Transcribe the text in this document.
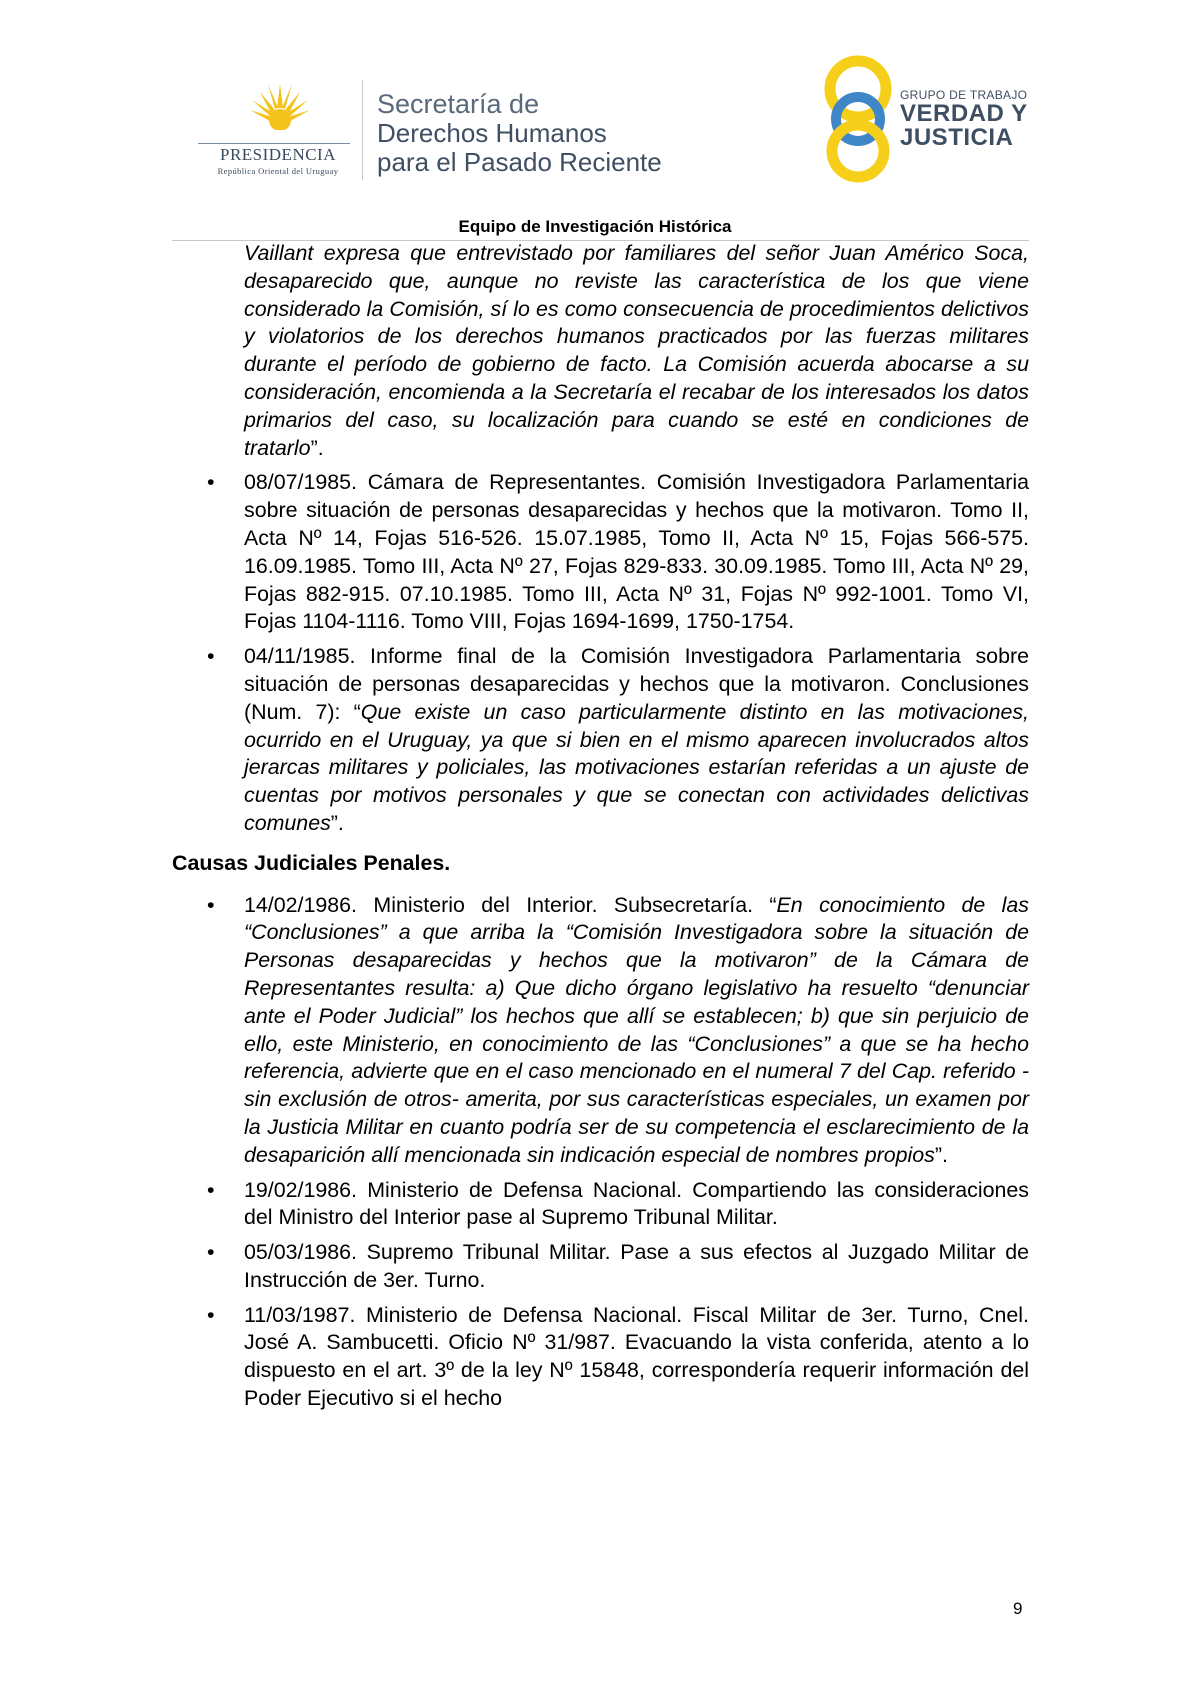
PRESIDENCIA
República Oriental del Uruguay
Secretaría de
Derechos Humanos
para el Pasado Reciente
GRUPO DE TRABAJO
VERDAD Y
JUSTICIA
Equipo de Investigación Histórica
Vaillant expresa que entrevistado por familiares del señor Juan Américo Soca, desaparecido que, aunque no reviste las característica de los que viene considerado la Comisión, sí lo es como consecuencia de procedimientos delictivos y violatorios de los derechos humanos practicados por las fuerzas militares durante el período de gobierno de facto. La Comisión acuerda abocarse a su consideración, encomienda a la Secretaría el recabar de los interesados los datos primarios del caso, su localización para cuando se esté en condiciones de tratarlo”.
• 08/07/1985. Cámara de Representantes. Comisión Investigadora Parlamentaria sobre situación de personas desaparecidas y hechos que la motivaron. Tomo II, Acta Nº 14, Fojas 516-526. 15.07.1985, Tomo II, Acta Nº 15, Fojas 566-575. 16.09.1985. Tomo III, Acta Nº 27, Fojas 829-833. 30.09.1985. Tomo III, Acta Nº 29, Fojas 882-915. 07.10.1985. Tomo III, Acta Nº 31, Fojas Nº 992-1001. Tomo VI, Fojas 1104-1116. Tomo VIII, Fojas 1694-1699, 1750-1754.
• 04/11/1985. Informe final de la Comisión Investigadora Parlamentaria sobre situación de personas desaparecidas y hechos que la motivaron. Conclusiones (Num. 7): “Que existe un caso particularmente distinto en las motivaciones, ocurrido en el Uruguay, ya que si bien en el mismo aparecen involucrados altos jerarcas militares y policiales, las motivaciones estarían referidas a un ajuste de cuentas por motivos personales y que se conectan con actividades delictivas comunes”.
Causas Judiciales Penales.
• 14/02/1986. Ministerio del Interior. Subsecretaría. “En conocimiento de las “Conclusiones” a que arriba la “Comisión Investigadora sobre la situación de Personas desaparecidas y hechos que la motivaron” de la Cámara de Representantes resulta: a) Que dicho órgano legislativo ha resuelto “denunciar ante el Poder Judicial” los hechos que allí se establecen; b) que sin perjuicio de ello, este Ministerio, en conocimiento de las “Conclusiones” a que se ha hecho referencia, advierte que en el caso mencionado en el numeral 7 del Cap. referido -sin exclusión de otros- amerita, por sus características especiales, un examen por la Justicia Militar en cuanto podría ser de su competencia el esclarecimiento de la desaparición allí mencionada sin indicación especial de nombres propios”.
• 19/02/1986. Ministerio de Defensa Nacional. Compartiendo las consideraciones del Ministro del Interior pase al Supremo Tribunal Militar.
• 05/03/1986. Supremo Tribunal Militar. Pase a sus efectos al Juzgado Militar de Instrucción de 3er. Turno.
• 11/03/1987. Ministerio de Defensa Nacional. Fiscal Militar de 3er. Turno, Cnel. José A. Sambucetti. Oficio Nº 31/987. Evacuando la vista conferida, atento a lo dispuesto en el art. 3º de la ley Nº 15848, correspondería requerir información del Poder Ejecutivo si el hecho
9
